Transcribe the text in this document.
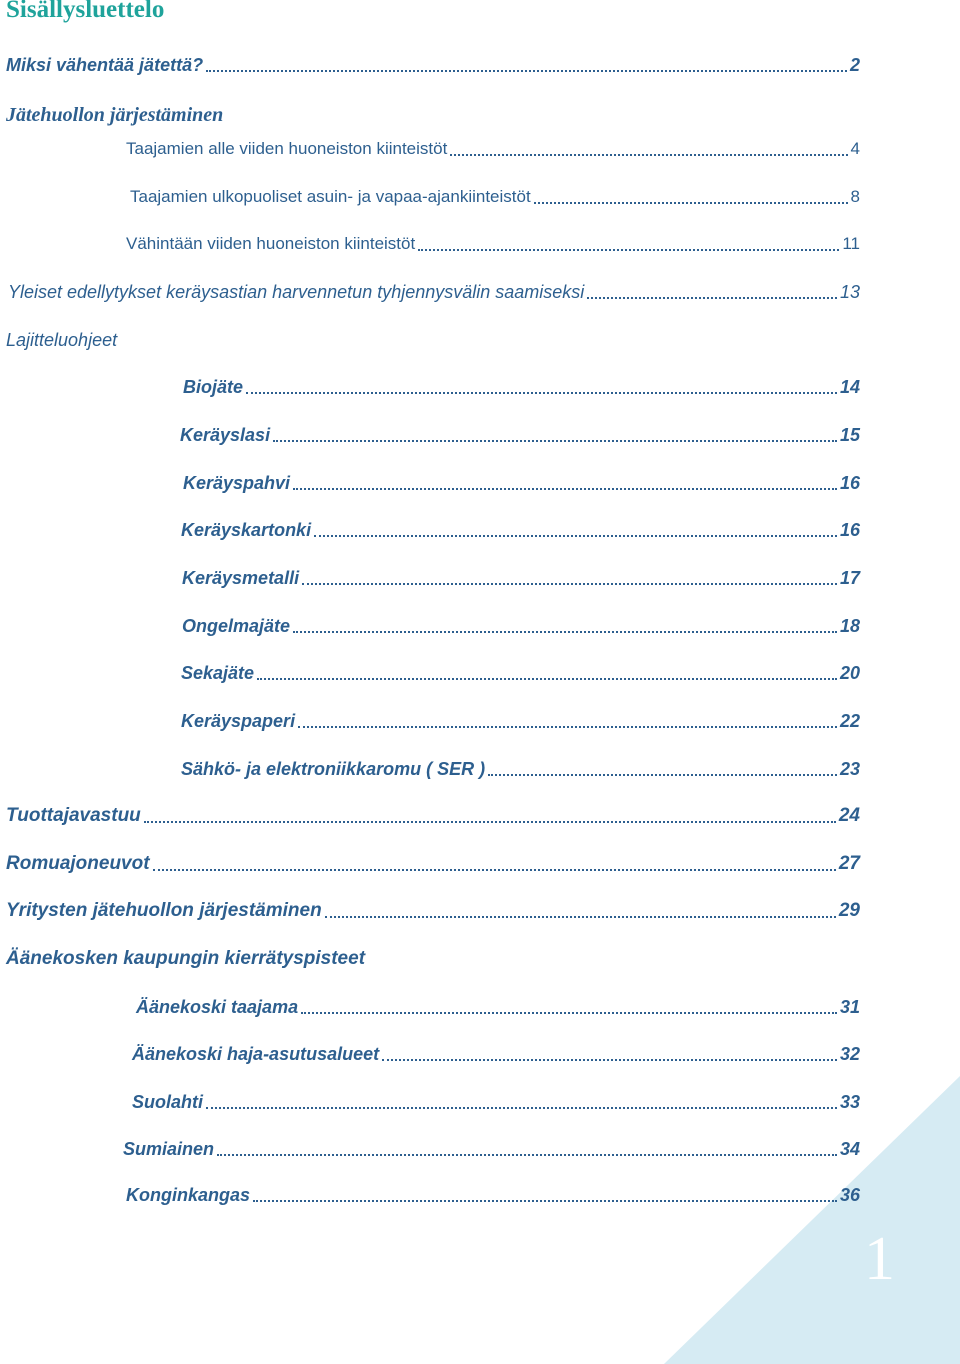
Sisällysluettelo
Miksi vähentää jätettä?	2
Jätehuollon järjestäminen
Taajamien alle viiden huoneiston kiinteistöt	4
Taajamien ulkopuoliset asuin- ja vapaa-ajankiinteistöt	8
Vähintään viiden huoneiston kiinteistöt	11
Yleiset edellytykset keräysastian harvennetun tyhjennysvälin saamiseksi	13
Lajitteluohjeet
Biojäte	14
Keräyslasi	15
Keräyspahvi	16
Keräyskartonki	16
Keräysmetalli	17
Ongelmajäte	18
Sekajäte	20
Keräyspaperi	22
Sähkö- ja elektroniikkaromu ( SER )	23
Tuottajavastuu	24
Romuajoneuvot	27
Yritysten jätehuollon järjestäminen	29
Äänekosken kaupungin kierrätyspisteet
Äänekoski taajama	31
Äänekoski haja-asutusalueet	32
Suolahti	33
Sumiainen	34
Konginkangas	36
1
